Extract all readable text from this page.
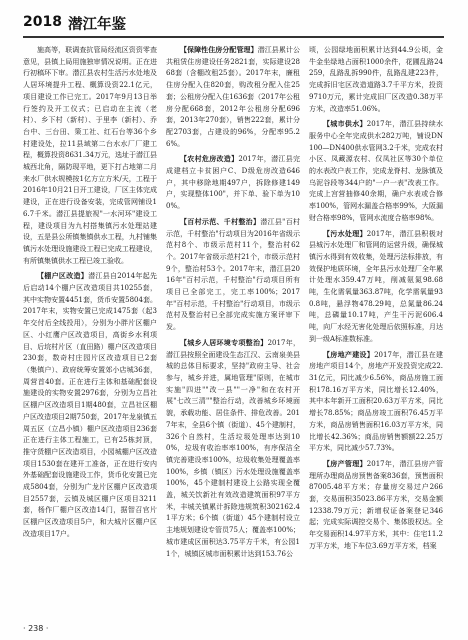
2018 潜江年鉴

施高等，联调查抗管局经流区资资零查意见，县镇上局用施独审情况说明。正在进行初稿环下审。潜江县农村生活污水处地及人居环境提升工程、概算设资22.1亿元，项目建设工作已完工。2017年9月13日举行签约及开工仪式；已启动在主流（老村）、乡下村（新村）、于里李（新村）、乔台中、三台田、策工社、红石台等36个乡村建设处，拉11县域第二台水水厂厂建工程，概算投资8631.34万元，选址于潜江县城西北角，隔防现平地，更下打占地第二月来水厂供水规模按1亿方立方米/天，工程于2016年10月21日开工建设，厂区主体完成建设，正在进行设备安装，完成管网铺设16.7千米。潜江县提旅视"一水河环"建设工程，建设项目为九村搭集镇污水处理站建设，五是县公所镇集镇供水工程，九村铺集镇污水处理设施建设工程已完成工程建设，有所镇集镇供水工程已竣工验收。

【棚户区改造】潜江县自2014年起先后启动14个棚户区改造项目共10255套，其中实物安置4451套，货币安置5804套。2017年末，实物安置已完成1475套（起3年交付后全线投用），分别为小胖片区棚户区、小红鹰户区改造项目，高街乡水利项目、后垸村片区（直田路）棚户区改造项目230套，数奇村庄园片区改造项目已2套（集镇户）、政府统筹安置郊小店城36套，周营首40套。正在进行主体和基础配套设施建设的实物安置2976套，分别为立昌社区棚户区改造项目1期480套，立昌社区棚户区改造项目2期750套，2017年龙泉镇五周五区（立昌小镇）棚户区改造项目236套正在进行主体工程施工，已有25栋封顶，推守货棚户区改造项目，小园城棚户区改造项目1530套在建开工准备，正在进行安内外基础配套设施建设工作，货币化安置已完成5804套，分别为广龙片区棚户区改造项目2557套，云镇及城区棚户区项目3211套，杨作厂棚户区改造14门，据智召官片区棚户区改造项目5户，和大城片区棚户区改造项目17户。

【保障性住房分配管理】潜江县累计公共租赁住房建设任务2821套，实际建设2868套（含棚改租25套）。2017年末，廉租住房分配入住820套，购改租分配入住25套；公租房分配入住1636套（2017年公租房分配668套，2012年公租房分配696套，2013年270套），销售222套，累计分配2703套，占建设的96%，分配率95.26%。

【农村危房改造】2017年，潜江县完成建档立卡贫困户C、D级危房改造646户，其中移除地期497户，拆除修建149户，实现整体100"，并下单、验下单为100%。

【百村示范、千村整治】潜江县"百村示范，千村整治"行动项目为2016年省级示范村8个、市级示范村11个，整治村62个。2017年省级示范村21个，市级示范村9个，整治村53个。2017年末，潜江县2016年"百村示范，千村整治"行动项目所有项目已全部完工，完工率100%；2017年"百村示范，千村整治"行动项目，市级示范村及整治村已全部完成实施方案评审下发。

【城乡人居环境专项整治】2017年，潜江县按照全面建设生态江汉、云南泉美县城的总体目标要求，坚持"政府主导、社会参与，城乡并进，属地管理"原则，在城市实施"四进""改一县""一净"和在农村开展"七改三清""整治行动，改善城乡环境面貌，承载功能、居住条件、排危改善。2017年末，全县6个镇（街道）、45个建制村，326个自然村，生活垃圾处理率达到100%，垃圾有收治率率100%，有序保洁全镇完善建设率100%，垃圾收集处理覆盖率100%，乡镇（镇区）污水处理设施覆盖率100%，45个建制村建设上公路实现全覆盖，城关饮新社有效改造建筑面积97平方米，丰城关镇累计拆除违规筑积302162.41平方米；6个镇（街道）45个建制村设立主地规划建设专管员75人；覆盖率100%；城市建成区面积达3.75平方千米，有公园11个，城镇区城市面积累计达到153.76公

顷，公园绿地面积累计达到44.9公顷，金牛金坐绿地占面积1000余件，花圃乱路24259，乱路乱拆990件，乱路乱建223件，完成拆旧宅区改造道路3.7千平方米，投资9710万元，累计完成旧厂区改造0.38万平方米，改造率51.06%。

【城市供水】2017年，潜江县持续水服务中心全年完成供水282万吨，铺设DN100—DN400供水管网3.2千米，完成农村小区、凤藏源农村、仅凤社区等30个单位的水表改户表工作，完成龙脊村、龙脉镇及乌泥谷段等344户的"一户一表"改表工作。完成上宫营抽修40余期，确户水表或合修率100%，管网水漏盖合格率99%，大阪漏财合格率98%，管网水流度合格率98%。

【污水处理】2017年，潜江县积极对县城污水处理厂和管网的运营升级，确保城镇污水得到有效收集，处理污法标排放，有效保护地质环境，全年县污水处理厂全年累计处理水359.47万吨，削减氨氮98.68吨，生化需氧量363.87吨，化学需氧量930.8吨，悬浮物478.29吨，总氮量86.24吨，总磷量10.17吨，产生干污泥606.4吨，向厂水经无害化处理后依照标准，月达到一级A标准数标准。

【房地产建设】2017年，潜江县在建房地产项目14个，房地产开发投资完成22.31亿元，同比减少6.56%，商品房施工面积178.16万平方米，同比增长12.40%，其中本年新开工面积20.63万平方米，同比增长78.85%；商品房竣工面积76.45万平方米，商品房销售面积16.03万平方米，同比增长42.36%；商品房销售额额22.25万平方米，同比减少57.73%。

【房产管理】2017年，潜江县房产管理所办理商品房预售备案836套，预售面积87005.48平方米；存量房交易过户266套，交易面积35023.86平方米，交易金额12338.79万元；新增权证备案登记346起；完成实际调控交易个、集体股权达。全年交易面积14.97平方米，其中：住宅11.2万平方米，地下车位3.69万平方米，档案

· 238 ·
